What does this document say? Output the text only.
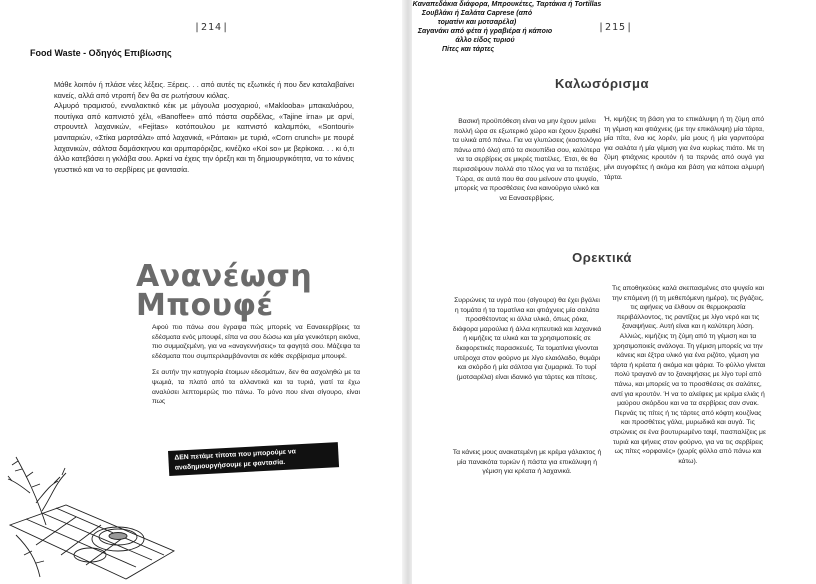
|214|
Food Waste - Οδηγός Επιβίωσης

Μάθε λοιπόν ή πλάσε νέες λέξεις. Ξέρεις. . . από αυτές τις εξωτικές ή που δεν καταλαβαίνει κανείς, αλλά από ντροπή δεν θα σε ρωτήσουν κιόλας.

Αλμυρό τιραμισού, ενναλακτικό κέικ με μάγουλα μοσχαριού, «Makloobа» μπακαλιάρου, πουτίγκα από καπνιστό χέλι, «Banoffee» από πάστα σαρδέλας, «Tajine irna» με αρνί, στρουντελ λαχανικών, «Fejitas» κοτόπουλου με καπνιστό καλαμπόκι, «Sontouri» μανιταριών, «Στίκα μαρτσάλα» από λαχανικά, «Ράιτακι» με τυριά, «Corn crunch» με πουρέ λαχανικών, σάλτσα δαμάσκηνου και αρμπαρόριζας, κινέζικο «Koi so» με βερίκοκα. . . κι ό,τι άλλο κατεβάσει η γκλάβα σου. Αρκεί να έχεις την όρεξη και τη δημιουργικότητα, να το κάνεις γευστικό και να το σερβίρεις με φαντασία.

Ανανέωση
Μπουφέ

Αφού πιο πάνω σου έγραψα πώς μπορείς να Εαναεερβίρεις τα εδέσματα ενός μπουφέ, είπα να σου δώσω και μία γενικότερη εικόνα, πιο συμμαζεμένη, για να «αναγεννήσεις» τα φαγητά σου. Μάζεψα τα εδέσματα που συμπεριλαμβάνονται σε κάθε σερβίρισμα μπουφέ.

Σε αυτήν την κατηγορία έτοιμων εδεσμάτων, δεν θα ασχοληθώ με τα ψωμιά, τα πλατό από τα αλλαντικά και τα τυριά, γιατί τα έχω αναλύσει λεπτομερώς πιο πάνω. Το μόνο που είναι σίγουρο, είναι πως

ΔΕΝ πετάμε τίποτα που μπορούμε να αναδημιουργήσουμε με φαντασία.
|215|
Καλωσόρισμα
Καναπεδάκια διάφορα, Μπρουκέτες, Ταρτάκια ή Tortillas
Βασική προϋπόθεση είναι να μην έχουν μείνει πολλή ώρα σε εξωτερικό χώρο και έχουν ξεραθεί τα υλικά από πάνω. Για να γλυτώσεις (κοστολόγιο πάνω από όλα) από τα σκουπίδια σου, καλύτερα να τα σερβίρεις σε μικρές πιατέλες. Έτσι, θε θα περισσέψουν πολλά στο τέλος για να τα πετάξεις. Τώρα, σε αυτά που θα σου μείνουν στο ψυγείο, μπορείς να προσθέσεις ένα καινούργιο υλικό και να Εανασερβίρεις.
Ή, κιμήζεις τη βάση για το επικάλυψη ή τη ζύμη από τη γέμιση και φτιάχνεις (με την επικάλυψη) μία τάρτα, μία πίτα, ένα κις λορέν, μία μους ή μία γαρνιτούρα για σαλάτα ή μία γέμιση για ένα κυρίως πιάτο. Με τη ζύμη φτιάχνεις κρουτόν ή τα περνάς από ουγά για μίνι αυγοφέτες ή ακόμα και βάση για κάποια αλμυρή τάρτα.
Ορεκτικά
Σουβλάκι ή Σαλάτα Caprese (από τοματίνι και μοτσαρέλα)
Συρρώνεις τα υγρά που (σίγουρα) θα έχει βγάλει η τομάτα ή τα τοματίνια και φτιάχνεις μία σαλάτα προσθέτοντας κι άλλα υλικά, όπως ρόκα, διάφορα μαρούλια ή άλλα κηπευτικά και λαχανικά ή κιμήζεις τα υλικά και τα χρησιμοποιείς σε διαφορετικές παρασκευές. Τα τοματίνια γίνονται υπέροχα στον φούρνο με λίγο ελαιόλαδο, θυμάρι και σκόρδο ή μία σάλτσα για ζυμαρικά. Το τυρί (μοτσαρέλα) είναι ιδανικό για τάρτες και πίτσες.
Σαγανάκι από φέτα ή γραβιέρα ή κάποιο άλλο είδος τυριού
Τα κάνεις μους ανακατεμένη με κρέμα γάλακτος ή μία πανακότα τυριών ή πάστα για επικάλυψη ή γέμιση για κρέατα ή λαχανικά.
Πίτες και τάρτες
Τις αποθηκεύεις καλά σκεπασμένες στο ψυγείο και την επόμενη (ή τη μεθεπόμενη ημέρα), τις βγάζεις, τις αφήνεις να έλθουν σε θερμοκρασία περιβάλλοντος, τις ραντίζεις με λίγο νερό και τις ξαναψήνεις. Αυτή είναι και η καλύτερη λύση. Αλλιώς, κιμήζεις τη ζύμη από τη γέμιση και τα χρησιμοποιείς ανάλογα. Τη γέμιση μπορείς να την κάνεις και έξτρα υλικό για ένα ριζότο, γέμιση για τάρτα ή κρέατα ή ακόμα και ψάρια. Το φύλλο γίνεται πολύ τραγανό αν το ξαναψήσεις με λίγο τυρί από πάνω, και μπορείς να το προσθέσεις σε σαλάτες, αντί για κρουτόν. Ή να το αλείψεις με κρέμα ελιάς ή μαύρου σκόρδου και να τα σερβίρεις σαν σνακ. Περνάς τις πίτες ή τις τάρτες από κόφτη κουζίνας και προσθέτεις γάλα, μυρωδικά και αυγά. Τις στρώνεις σε ένα βουτυρωμένο ταψί, πασπαλίζεις με τυριά και ψήνεις στον φούρνο, για να τις σερβίρεις ως πίτες «ορφανές» (χωρίς φύλλο από πάνω και κάτω).
